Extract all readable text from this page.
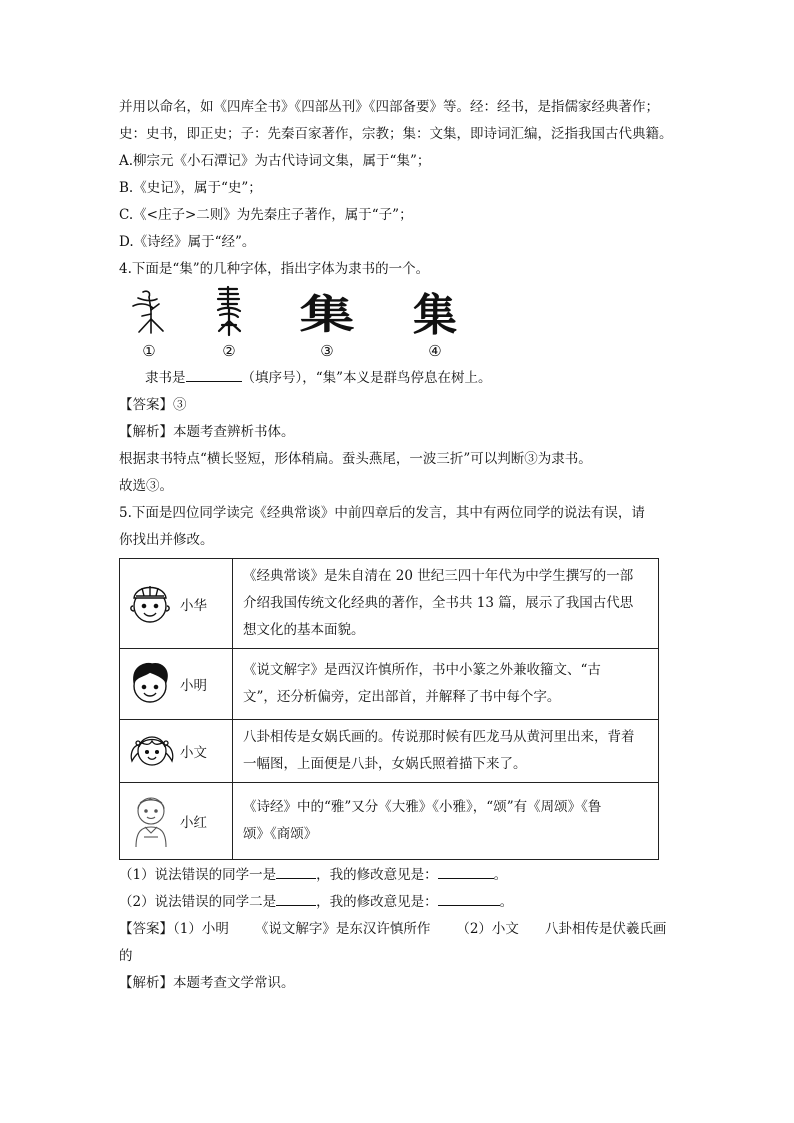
并用以命名，如《四库全书》《四部丛刊》《四部备要》等。经：经书，是指儒家经典著作；
史：史书，即正史；子：先秦百家著作，宗教；集：文集，即诗词汇编，泛指我国古代典籍。
A.柳宗元《小石潭记》为古代诗词文集，属于“集”；
B.《史记》，属于“史”；
C.《<庄子>二则》为先秦庄子著作，属于“子”；
D.《诗经》属于“经”。
4.下面是“集”的几种字体，指出字体为隶书的一个。
①	②
集
③
集
④
隶书是	（填序号），“集”本义是群鸟停息在树上。
【答案】③
【解析】本题考查辨析书体。
根据隶书特点“横长竖短，形体稍扁。蚕头燕尾，一波三折”可以判断③为隶书。
故选③。
5.下面是四位同学读完《经典常谈》中前四章后的发言，其中有两位同学的说法有误，请
你找出并修改。
小华	《经典常谈》是朱自清在 20 世纪三四十年代为中学生撰写的一部
介绍我国传统文化经典的著作，全书共 13 篇，展示了我国古代思
想文化的基本面貌。

小明	《说文解字》是西汉许慎所作，书中小篆之外兼收籀文、“古
文”，还分析偏旁，定出部首，并解释了书中每个字。

小文	八卦相传是女娲氏画的。传说那时候有匹龙马从黄河里出来，背着
一幅图，上面便是八卦，女娲氏照着描下来了。

小红	《诗经》中的“雅”又分《大雅》《小雅》，“颂”有《周颂》《鲁
颂》《商颂》
（1）说法错误的同学一是	，我的修改意见是：	。
（2）说法错误的同学二是	，我的修改意见是：	。
【答案】（1）小明 《说文解字》是东汉许慎所作 （2）小文 八卦相传是伏羲氏画
的
【解析】本题考查文学常识。
